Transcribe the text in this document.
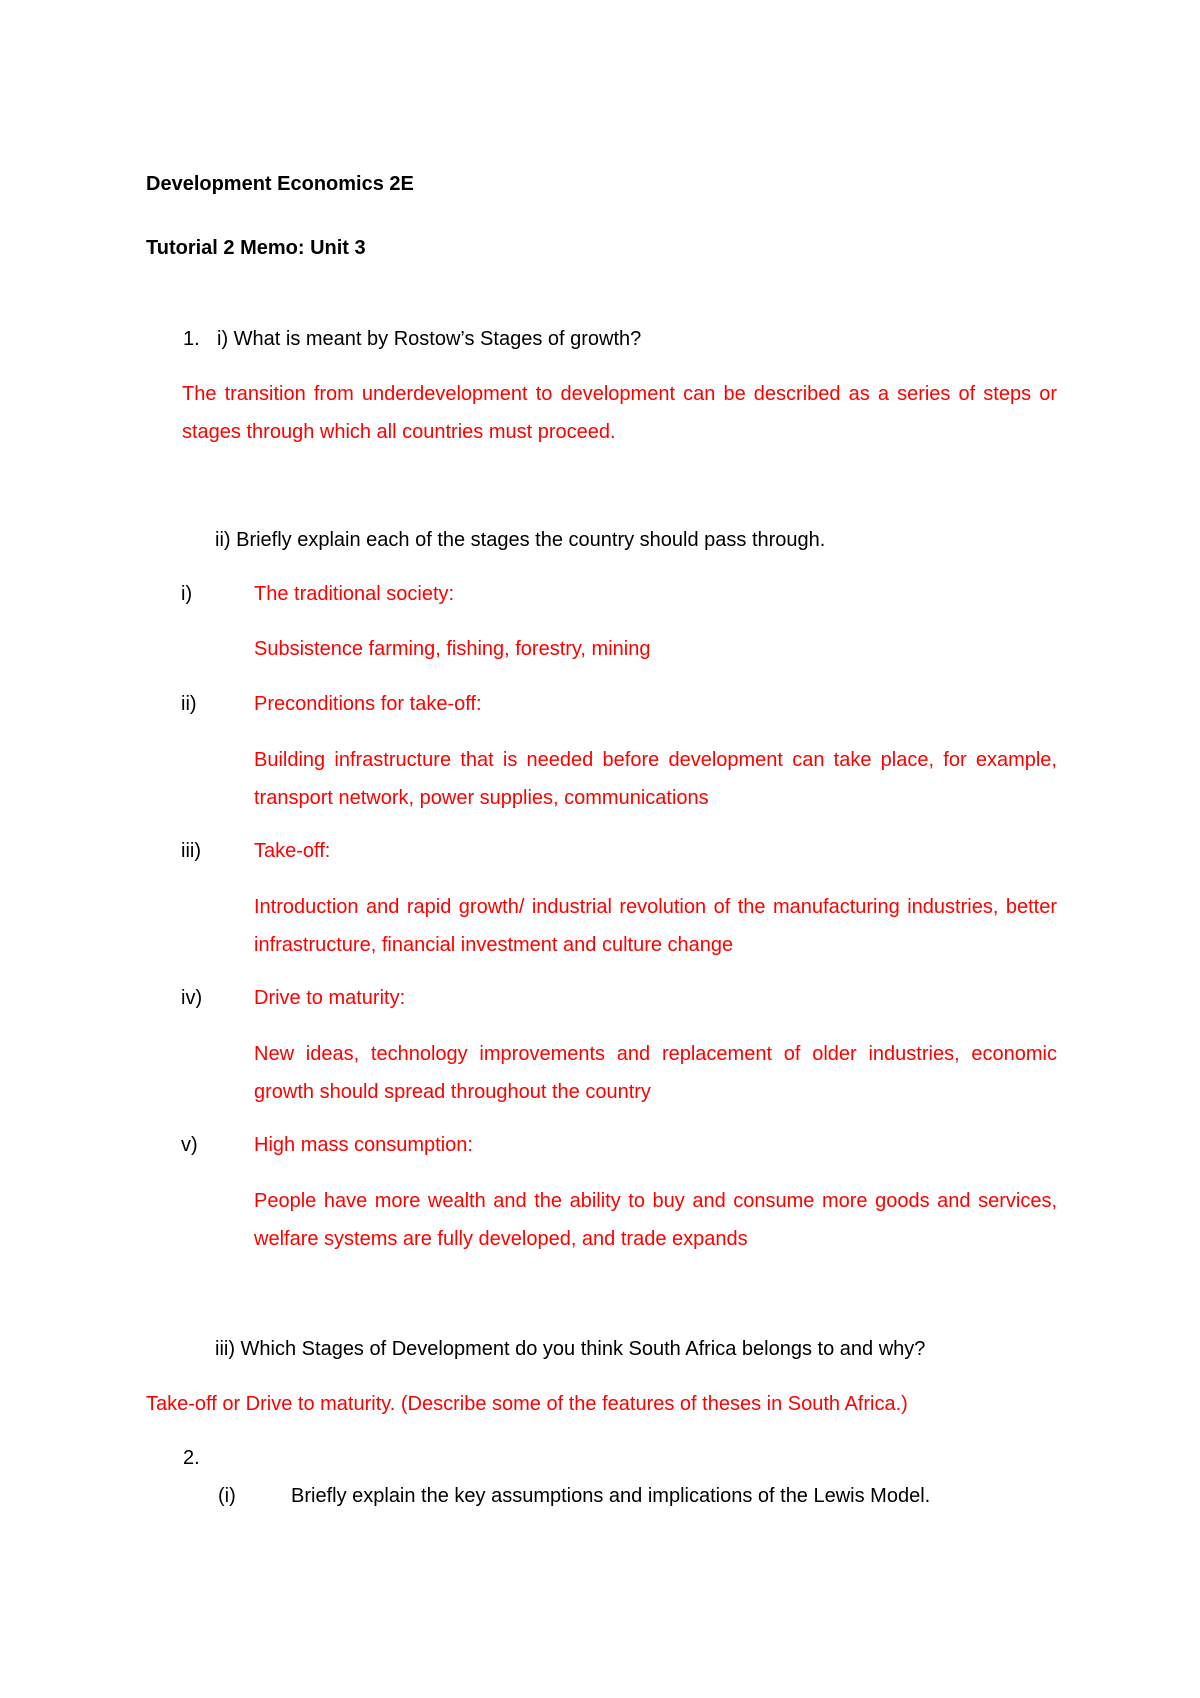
Development Economics 2E
Tutorial 2 Memo: Unit 3
1. i) What is meant by Rostow’s Stages of growth?
The transition from underdevelopment to development can be described as a series of steps or stages through which all countries must proceed.
ii) Briefly explain each of the stages the country should pass through.
i)	The traditional society:
Subsistence farming, fishing, forestry, mining
ii)	Preconditions for take-off:
Building infrastructure that is needed before development can take place, for example, transport network, power supplies, communications
iii)	Take-off:
Introduction and rapid growth/ industrial revolution of the manufacturing industries, better infrastructure, financial investment and culture change
iv)	Drive to maturity:
New ideas, technology improvements and replacement of older industries, economic growth should spread throughout the country
v)	High mass consumption:
People have more wealth and the ability to buy and consume more goods and services, welfare systems are fully developed, and trade expands
iii) Which Stages of Development do you think South Africa belongs to and why?
Take-off or Drive to maturity. (Describe some of the features of theses in South Africa.)
2.
(i)	Briefly explain the key assumptions and implications of the Lewis Model.
